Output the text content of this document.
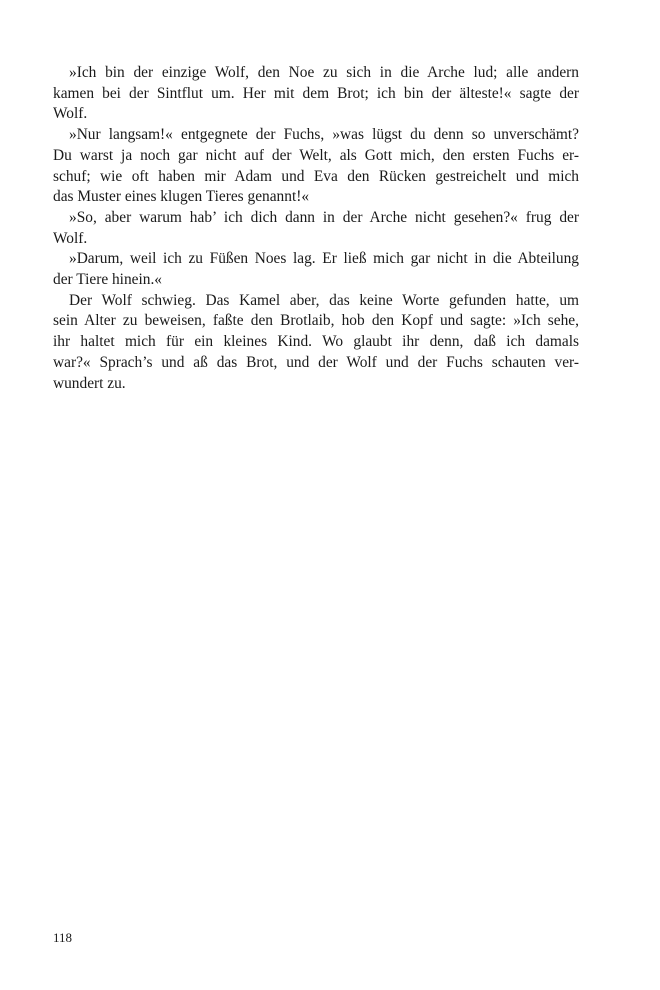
»Ich bin der einzige Wolf, den Noe zu sich in die Arche lud; alle andern
kamen bei der Sintflut um. Her mit dem Brot; ich bin der älteste!« sagte der
Wolf.
»Nur langsam!« entgegnete der Fuchs, »was lügst du denn so unverschämt?
Du warst ja noch gar nicht auf der Welt, als Gott mich, den ersten Fuchs er-
schuf; wie oft haben mir Adam und Eva den Rücken gestreichelt und mich
das Muster eines klugen Tieres genannt!«
»So, aber warum hab’ ich dich dann in der Arche nicht gesehen?« frug der
Wolf.
»Darum, weil ich zu Füßen Noes lag. Er ließ mich gar nicht in die Abteilung
der Tiere hinein.«
Der Wolf schwieg. Das Kamel aber, das keine Worte gefunden hatte, um
sein Alter zu beweisen, faßte den Brotlaib, hob den Kopf und sagte: »Ich sehe,
ihr haltet mich für ein kleines Kind. Wo glaubt ihr denn, daß ich damals
war?« Sprach’s und aß das Brot, und der Wolf und der Fuchs schauten ver-
wundert zu.
118
